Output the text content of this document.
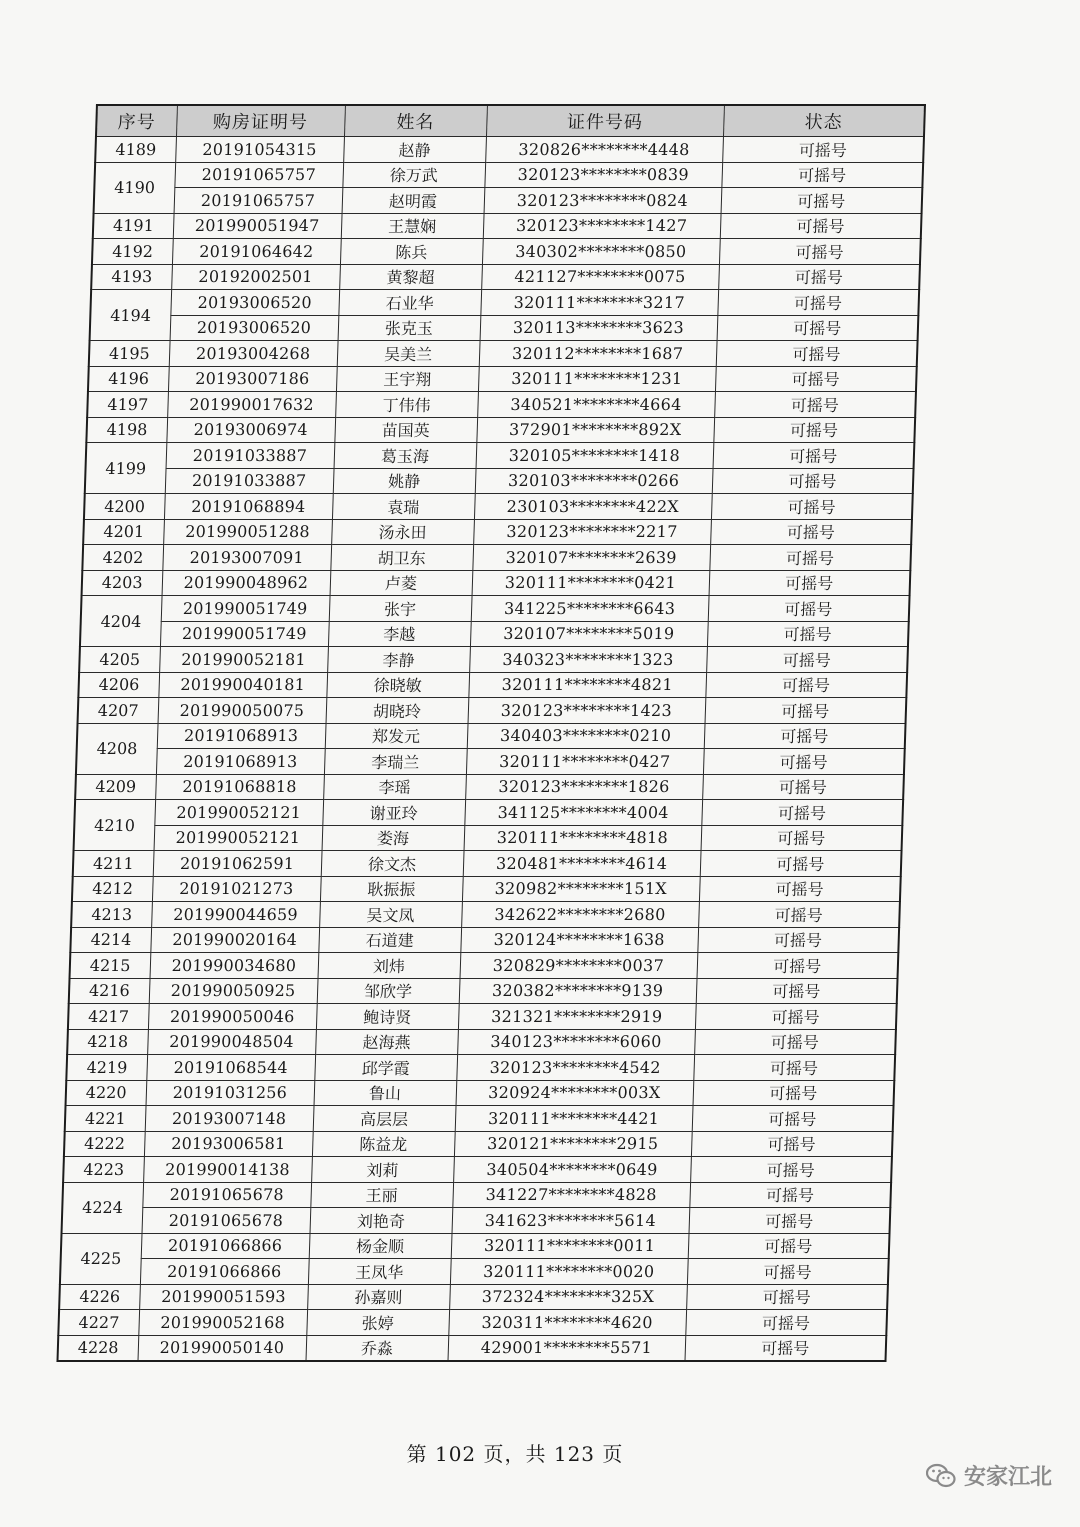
序号	购房证明号	姓名	证件号码	状态
4189	20191054315	赵静	320826********4448	可摇号
4190	20191065757	徐万武	320123********0839	可摇号
	20191065757	赵明霞	320123********0824	可摇号
4191	201990051947	王慧娴	320123********1427	可摇号
4192	20191064642	陈兵	340302********0850	可摇号
4193	20192002501	黄黎超	421127********0075	可摇号
4194	20193006520	石业华	320111********3217	可摇号
	20193006520	张克玉	320113********3623	可摇号
4195	20193004268	吴美兰	320112********1687	可摇号
4196	20193007186	王宇翔	320111********1231	可摇号
4197	201990017632	丁伟伟	340521********4664	可摇号
4198	20193006974	苗国英	372901********892X	可摇号
4199	20191033887	葛玉海	320105********1418	可摇号
	20191033887	姚静	320103********0266	可摇号
4200	20191068894	袁瑞	230103********422X	可摇号
4201	201990051288	汤永田	320123********2217	可摇号
4202	20193007091	胡卫东	320107********2639	可摇号
4203	201990048962	卢菱	320111********0421	可摇号
4204	201990051749	张宇	341225********6643	可摇号
	201990051749	李越	320107********5019	可摇号
4205	201990052181	李静	340323********1323	可摇号
4206	201990040181	徐晓敏	320111********4821	可摇号
4207	201990050075	胡晓玲	320123********1423	可摇号
4208	20191068913	郑发元	340403********0210	可摇号
	20191068913	李瑞兰	320111********0427	可摇号
4209	20191068818	李瑶	320123********1826	可摇号
4210	201990052121	谢亚玲	341125********4004	可摇号
	201990052121	娄海	320111********4818	可摇号
4211	20191062591	徐文杰	320481********4614	可摇号
4212	20191021273	耿振振	320982********151X	可摇号
4213	201990044659	吴文凤	342622********2680	可摇号
4214	201990020164	石道建	320124********1638	可摇号
4215	201990034680	刘炜	320829********0037	可摇号
4216	201990050925	邹欣学	320382********9139	可摇号
4217	201990050046	鲍诗贤	321321********2919	可摇号
4218	201990048504	赵海燕	340123********6060	可摇号
4219	20191068544	邱学霞	320123********4542	可摇号
4220	20191031256	鲁山	320924********003X	可摇号
4221	20193007148	高层层	320111********4421	可摇号
4222	20193006581	陈益龙	320121********2915	可摇号
4223	201990014138	刘莉	340504********0649	可摇号
4224	20191065678	王丽	341227********4828	可摇号
	20191065678	刘艳奇	341623********5614	可摇号
4225	20191066866	杨金顺	320111********0011	可摇号
	20191066866	王凤华	320111********0020	可摇号
4226	201990051593	孙嘉则	372324********325X	可摇号
4227	201990052168	张婷	320311********4620	可摇号
4228	201990050140	乔淼	429001********5571	可摇号
第 102 页，共 123 页
安家江北
